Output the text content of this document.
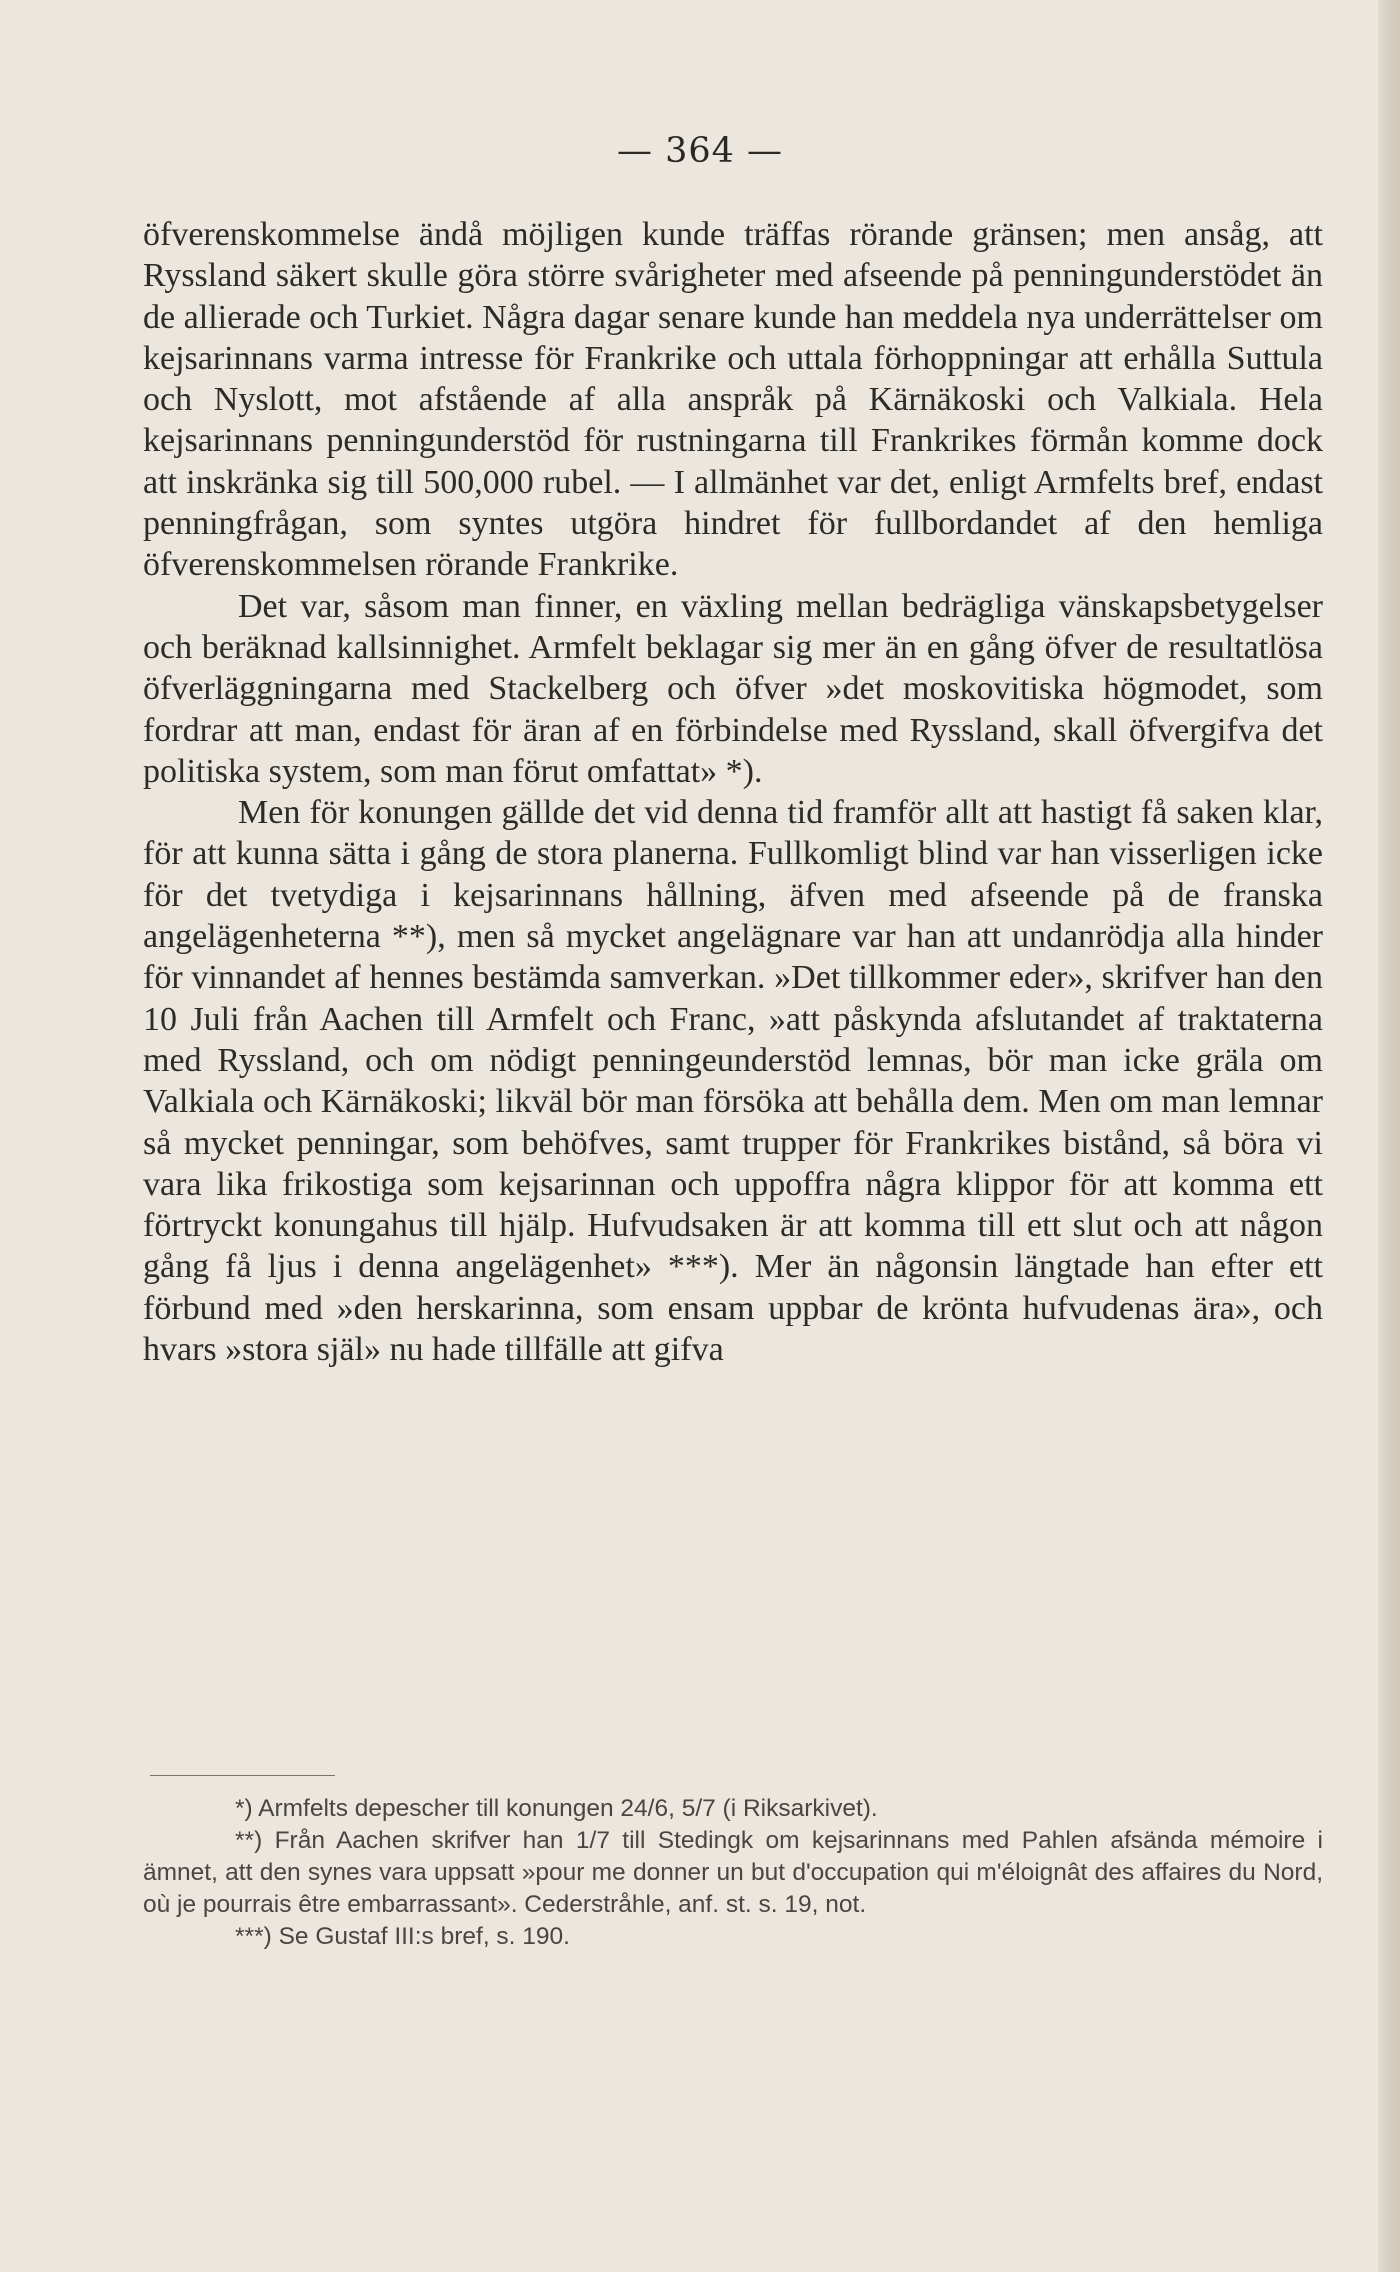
— 364 —

öfverenskommelse ändå möjligen kunde träffas rörande gränsen; men ansåg, att Ryssland säkert skulle göra större svårigheter med afseende på penningunderstödet än de allierade och Turkiet. Några dagar senare kunde han meddela nya underrättelser om kejsarinnans varma intresse för Frankrike och uttala förhoppningar att erhålla Suttula och Nyslott, mot afstående af alla anspråk på Kärnäkoski och Valkiala. Hela kejsarinnans penningunderstöd för rustningarna till Frankrikes förmån komme dock att inskränka sig till 500,000 rubel. — I allmänhet var det, enligt Armfelts bref, endast penningfrågan, som syntes utgöra hindret för fullbordandet af den hemliga öfverenskommelsen rörande Frankrike.

Det var, såsom man finner, en växling mellan bedrägliga vänskapsbetygelser och beräknad kallsinnighet. Armfelt beklagar sig mer än en gång öfver de resultatlösa öfverläggningarna med Stackelberg och öfver »det moskovitiska högmodet, som fordrar att man, endast för äran af en förbindelse med Ryssland, skall öfvergifva det politiska system, som man förut omfattat» *).

Men för konungen gällde det vid denna tid framför allt att hastigt få saken klar, för att kunna sätta i gång de stora planerna. Fullkomligt blind var han visserligen icke för det tvetydiga i kejsarinnans hållning, äfven med afseende på de franska angelägenheterna **), men så mycket angelägnare var han att undanrödja alla hinder för vinnandet af hennes bestämda samverkan. »Det tillkommer eder», skrifver han den 10 Juli från Aachen till Armfelt och Franc, »att påskynda afslutandet af traktaterna med Ryssland, och om nödigt penningeunderstöd lemnas, bör man icke gräla om Valkiala och Kärnäkoski; likväl bör man försöka att behålla dem. Men om man lemnar så mycket penningar, som behöfves, samt trupper för Frankrikes bistånd, så böra vi vara lika frikostiga som kejsarinnan och uppoffra några klippor för att komma ett förtryckt konungahus till hjälp. Hufvudsaken är att komma till ett slut och att någon gång få ljus i denna angelägenhet» ***). Mer än någonsin längtade han efter ett förbund med »den herskarinna, som ensam uppbar de krönta hufvudenas ära», och hvars »stora själ» nu hade tillfälle att gifva

*) Armfelts depescher till konungen 24/6, 5/7 (i Riksarkivet).

**) Från Aachen skrifver han 1/7 till Stedingk om kejsarinnans med Pahlen afsända mémoire i ämnet, att den synes vara uppsatt »pour me donner un but d'occupation qui m'éloignât des affaires du Nord, où je pourrais être embarrassant». Cederstråhle, anf. st. s. 19, not.

***) Se Gustaf III:s bref, s. 190.
